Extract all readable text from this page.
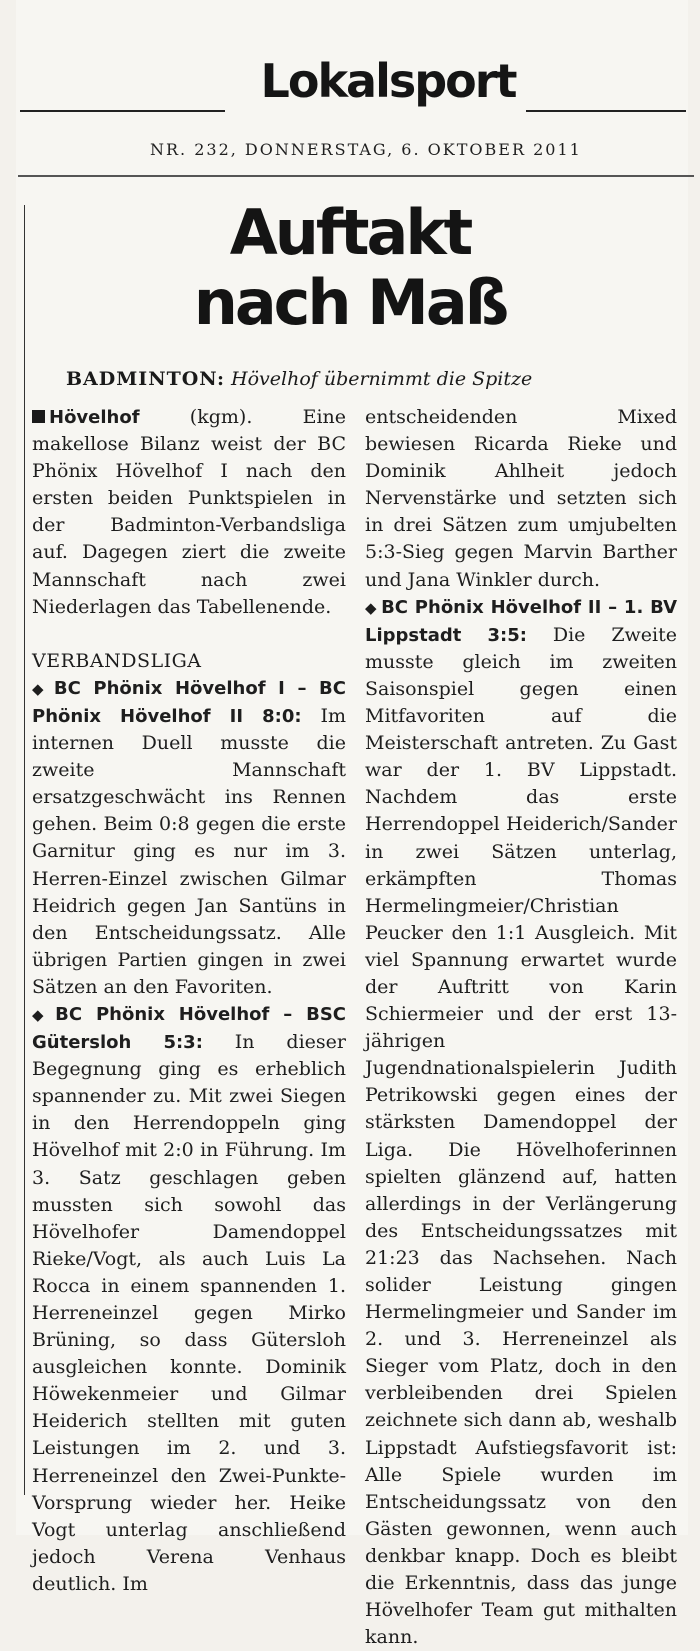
Lokalsport
NR. 232, DONNERSTAG, 6. OKTOBER 2011
Auftakt
nach Maß
BADMINTON: Hövelhof übernimmt die Spitze

Hövelhof	(kgm). Eine makellose Bilanz weist der BC Phönix Hövelhof I nach den ersten beiden Punktspielen in der Badminton-Verbandsliga auf. Dagegen ziert die zweite Mannschaft nach zwei Niederlagen das Tabellenende.

VERBANDSLIGA

◆ BC Phönix Hövelhof I – BC Phönix Hövelhof II 8:0: Im internen Duell musste die zweite Mannschaft ersatzgeschwächt ins Rennen gehen. Beim 0:8 gegen die erste Garnitur ging es nur im 3. Herren-Einzel zwischen Gilmar Heidrich gegen Jan Santüns in den Entscheidungssatz. Alle übrigen Partien gingen in zwei Sätzen an den Favoriten.

◆ BC Phönix Hövelhof – BSC Gütersloh 5:3: In dieser Begegnung ging es erheblich spannender zu. Mit zwei Siegen in den Herrendoppeln ging Hövelhof mit 2:0 in Führung. Im 3. Satz geschlagen geben mussten sich sowohl das Hövelhofer Damendoppel Rieke/Vogt, als auch Luis La Rocca in einem spannenden 1. Herreneinzel gegen Mirko Brüning, so dass Gütersloh ausgleichen konnte. Dominik Höwekenmeier und Gilmar Heiderich stellten mit guten Leistungen im 2. und 3. Herreneinzel den Zwei-Punkte-Vorsprung wieder her. Heike Vogt unterlag anschließend jedoch Verena Venhaus deutlich. Im

entscheidenden Mixed bewiesen Ricarda Rieke und Dominik Ahlheit jedoch Nervenstärke und setzten sich in drei Sätzen zum umjubelten 5:3-Sieg gegen Marvin Barther und Jana Winkler durch.

◆ BC Phönix Hövelhof II – 1. BV Lippstadt 3:5: Die Zweite musste gleich im zweiten Saisonspiel gegen einen Mitfavoriten auf die Meisterschaft antreten. Zu Gast war der 1. BV Lippstadt. Nachdem das erste Herrendoppel Heiderich/Sander in zwei Sätzen unterlag, erkämpften Thomas Hermelingmeier/Christian Peucker den 1:1 Ausgleich. Mit viel Spannung erwartet wurde der Auftritt von Karin Schiermeier und der erst 13-jährigen Jugendnationalspielerin Judith Petrikowski gegen eines der stärksten Damendoppel der Liga. Die Hövelhoferinnen spielten glänzend auf, hatten allerdings in der Verlängerung des Entscheidungssatzes mit 21:23 das Nachsehen. Nach solider Leistung gingen Hermelingmeier und Sander im 2. und 3. Herreneinzel als Sieger vom Platz, doch in den verbleibenden drei Spielen zeichnete sich dann ab, weshalb Lippstadt Aufstiegsfavorit ist: Alle Spiele wurden im Entscheidungssatz von den Gästen gewonnen, wenn auch denkbar knapp. Doch es bleibt die Erkenntnis, dass das junge Hövelhofer Team gut mithalten kann.
